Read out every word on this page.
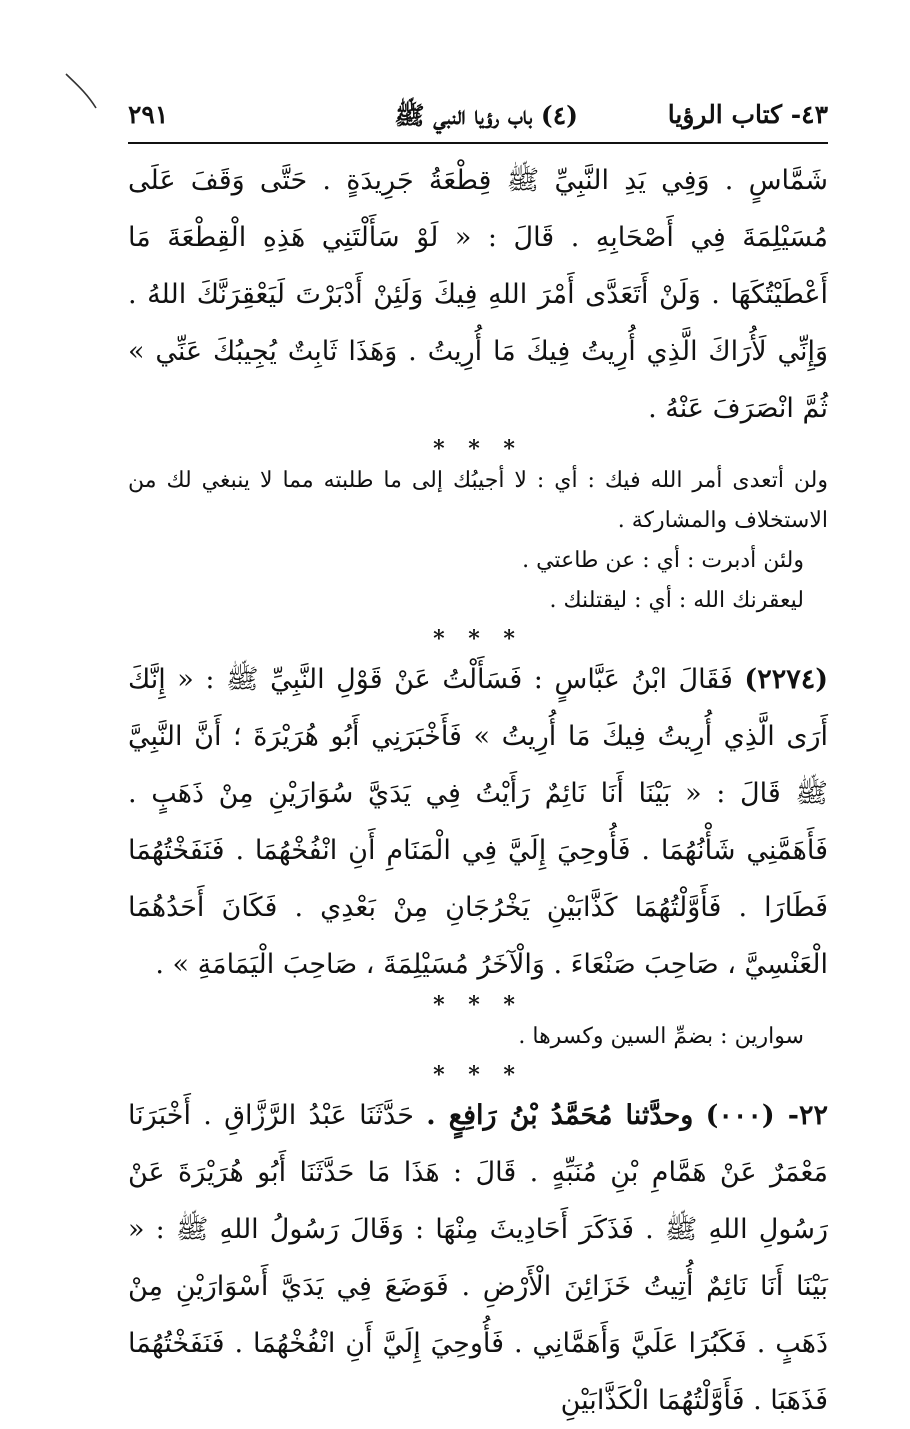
٤٣- كتاب الرؤيا
(٤) باب رؤيا النبي ﷺ
٢٩١

شَمَّاسٍ . وَفِي يَدِ النَّبِيِّ ﷺ قِطْعَةُ جَرِيدَةٍ . حَتَّى وَقَفَ عَلَى مُسَيْلِمَةَ فِي أَصْحَابِهِ . قَالَ : « لَوْ سَأَلْتَنِي هَذِهِ الْقِطْعَةَ مَا أَعْطَيْتُكَهَا . وَلَنْ أَتَعَدَّى أَمْرَ اللهِ فِيكَ وَلَئِنْ أَدْبَرْتَ لَيَعْقِرَنَّكَ اللهُ . وَإِنِّي لَأُرَاكَ الَّذِي أُرِيتُ فِيكَ مَا أُرِيتُ . وَهَذَا ثَابِتٌ يُجِيبُكَ عَنِّي » ثُمَّ انْصَرَفَ عَنْهُ .

* * *

ولن أتعدى أمر الله فيك : أي : لا أجيبُك إلى ما طلبته مما لا ينبغي لك من الاستخلاف والمشاركة .

ولئن أدبرت : أي : عن طاعتي .

ليعقرنك الله : أي : ليقتلنك .

* * *

(٢٢٧٤) فَقَالَ ابْنُ عَبَّاسٍ : فَسَأَلْتُ عَنْ قَوْلِ النَّبِيِّ ﷺ : « إِنَّكَ أَرَى الَّذِي أُرِيتُ فِيكَ مَا أُرِيتُ » فَأَخْبَرَنِي أَبُو هُرَيْرَةَ ؛ أَنَّ النَّبِيَّ ﷺ قَالَ : « بَيْنَا أَنَا نَائِمٌ رَأَيْتُ فِي يَدَيَّ سُوَارَيْنِ مِنْ ذَهَبٍ . فَأَهَمَّنِي شَأْنُهُمَا . فَأُوحِيَ إِلَيَّ فِي الْمَنَامِ أَنِ انْفُخْهُمَا . فَنَفَخْتُهُمَا فَطَارَا . فَأَوَّلْتُهُمَا كَذَّابَيْنِ يَخْرُجَانِ مِنْ بَعْدِي . فَكَانَ أَحَدُهُمَا الْعَنْسِيَّ ، صَاحِبَ صَنْعَاءَ . وَالْآخَرُ مُسَيْلِمَةَ ، صَاحِبَ الْيَمَامَةِ » .

* * *

سوارين : بضمِّ السين وكسرها .

* * *

٢٢- (٠٠٠) وحدَّثنا مُحَمَّدُ بْنُ رَافِعٍ . حَدَّثَنَا عَبْدُ الرَّزَّاقِ . أَخْبَرَنَا مَعْمَرٌ عَنْ هَمَّامِ بْنِ مُنَبِّهٍ . قَالَ : هَذَا مَا حَدَّثَنَا أَبُو هُرَيْرَةَ عَنْ رَسُولِ اللهِ ﷺ . فَذَكَرَ أَحَادِيثَ مِنْهَا : وَقَالَ رَسُولُ اللهِ ﷺ : « بَيْنَا أَنَا نَائِمٌ أُتِيتُ خَزَائِنَ الْأَرْضِ . فَوَضَعَ فِي يَدَيَّ أَسْوَارَيْنِ مِنْ ذَهَبٍ . فَكَبُرَا عَلَيَّ وَأَهَمَّانِي . فَأُوحِيَ إِلَيَّ أَنِ انْفُخْهُمَا . فَنَفَخْتُهُمَا فَذَهَبَا . فَأَوَّلْتُهُمَا الْكَذَّابَيْنِ
